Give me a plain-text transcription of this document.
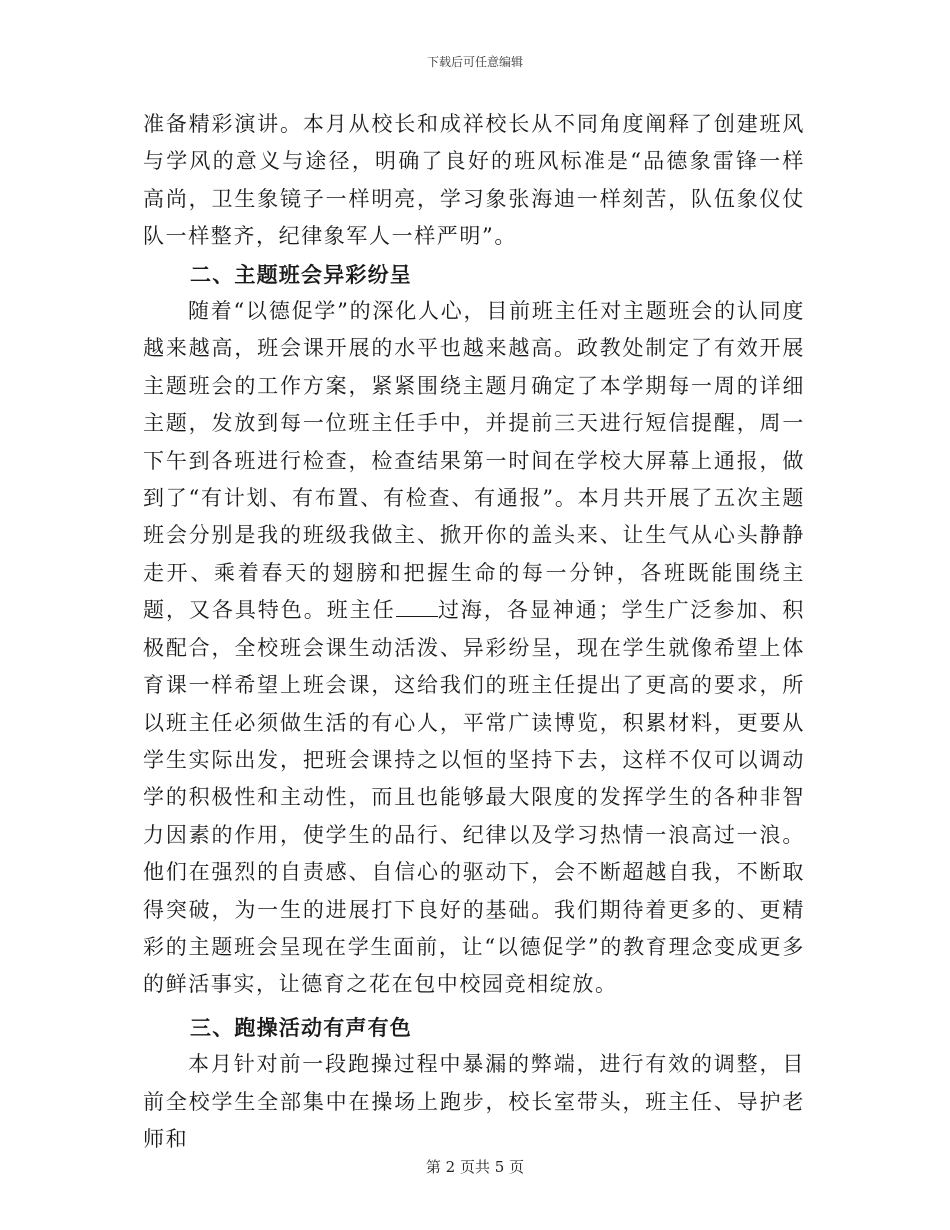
下载后可任意编辑

准备精彩演讲。本月从校长和成祥校长从不同角度阐释了创建班风与学风的意义与途径，明确了良好的班风标准是“品德象雷锋一样高尚，卫生象镜子一样明亮，学习象张海迪一样刻苦，队伍象仪仗队一样整齐，纪律象军人一样严明”。

二、主题班会异彩纷呈

随着“以德促学”的深化人心，目前班主任对主题班会的认同度越来越高，班会课开展的水平也越来越高。政教处制定了有效开展主题班会的工作方案，紧紧围绕主题月确定了本学期每一周的详细主题，发放到每一位班主任手中，并提前三天进行短信提醒，周一下午到各班进行检查，检查结果第一时间在学校大屏幕上通报，做到了“有计划、有布置、有检查、有通报”。本月共开展了五次主题班会分别是我的班级我做主、掀开你的盖头来、让生气从心头静静走开、乘着春天的翅膀和把握生命的每一分钟，各班既能围绕主题，又各具特色。班主任 过海，各显神通；学生广泛参加、积极配合，全校班会课生动活泼、异彩纷呈，现在学生就像希望上体育课一样希望上班会课，这给我们的班主任提出了更高的要求，所以班主任必须做生活的有心人，平常广读博览，积累材料，更要从学生实际出发，把班会课持之以恒的坚持下去，这样不仅可以调动学的积极性和主动性，而且也能够最大限度的发挥学生的各种非智力因素的作用，使学生的品行、纪律以及学习热情一浪高过一浪。他们在强烈的自责感、自信心的驱动下，会不断超越自我，不断取得突破，为一生的进展打下良好的基础。我们期待着更多的、更精彩的主题班会呈现在学生面前，让“以德促学”的教育理念变成更多的鲜活事实，让德育之花在包中校园竞相绽放。

三、跑操活动有声有色

本月针对前一段跑操过程中暴漏的弊端，进行有效的调整，目前全校学生全部集中在操场上跑步，校长室带头，班主任、导护老师和

第 2 页共 5 页
